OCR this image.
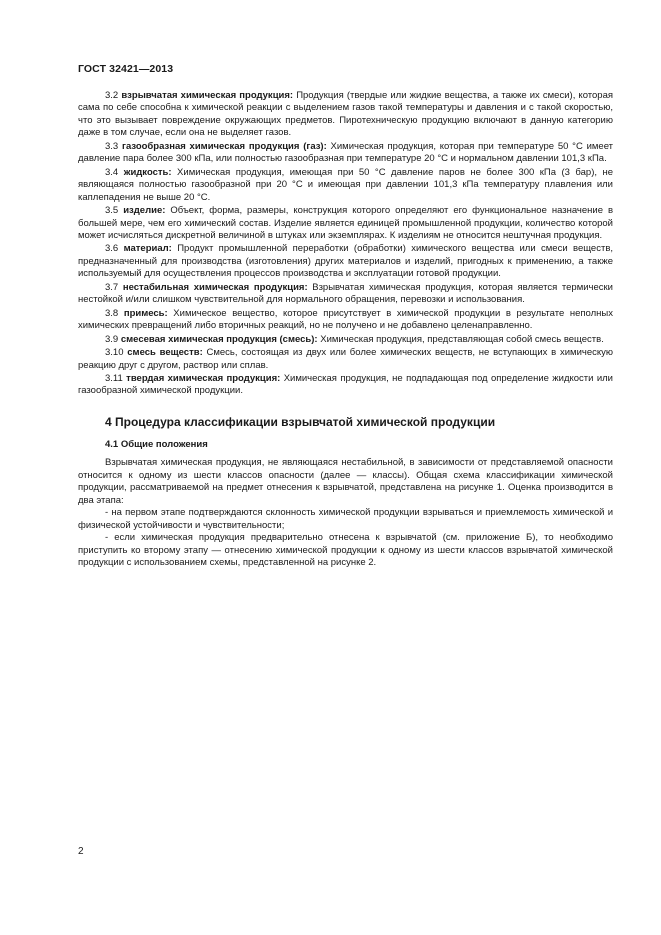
ГОСТ 32421—2013

3.2 взрывчатая химическая продукция: Продукция (твердые или жидкие вещества, а также их смеси), которая сама по себе способна к химической реакции с выделением газов такой температуры и давления и с такой скоростью, что это вызывает повреждение окружающих предметов. Пиротехническую продукцию включают в данную категорию даже в том случае, если она не выделяет газов.

3.3 газообразная химическая продукция (газ): Химическая продукция, которая при температуре 50 °С имеет давление пара более 300 кПа, или полностью газообразная при температуре 20 °С и нормальном давлении 101,3 кПа.

3.4 жидкость: Химическая продукция, имеющая при 50 °С давление паров не более 300 кПа (3 бар), не являющаяся полностью газообразной при 20 °С и имеющая при давлении 101,3 кПа температуру плавления или каплепадения не выше 20 °С.

3.5 изделие: Объект, форма, размеры, конструкция которого определяют его функциональное назначение в большей мере, чем его химический состав. Изделие является единицей промышленной продукции, количество которой может исчисляться дискретной величиной в штуках или экземплярах. К изделиям не относится нештучная продукция.

3.6 материал: Продукт промышленной переработки (обработки) химического вещества или смеси веществ, предназначенный для производства (изготовления) других материалов и изделий, пригодных к применению, а также используемый для осуществления процессов производства и эксплуатации готовой продукции.

3.7 нестабильная химическая продукция: Взрывчатая химическая продукция, которая является термически нестойкой и/или слишком чувствительной для нормального обращения, перевозки и использования.

3.8 примесь: Химическое вещество, которое присутствует в химической продукции в результате неполных химических превращений либо вторичных реакций, но не получено и не добавлено целенаправленно.

3.9 смесевая химическая продукция (смесь): Химическая продукция, представляющая собой смесь веществ.

3.10 смесь веществ: Смесь, состоящая из двух или более химических веществ, не вступающих в химическую реакцию друг с другом, раствор или сплав.

3.11 твердая химическая продукция: Химическая продукция, не подпадающая под определение жидкости или газообразной химической продукции.

4 Процедура классификации взрывчатой химической продукции

4.1 Общие положения

Взрывчатая химическая продукция, не являющаяся нестабильной, в зависимости от представляемой опасности относится к одному из шести классов опасности (далее — классы). Общая схема классификации химической продукции, рассматриваемой на предмет отнесения к взрывчатой, представлена на рисунке 1. Оценка производится в два этапа:

- на первом этапе подтверждаются склонность химической продукции взрываться и приемлемость химической и физической устойчивости и чувствительности;

- если химическая продукция предварительно отнесена к взрывчатой (см. приложение Б), то необходимо приступить ко второму этапу — отнесению химической продукции к одному из шести классов взрывчатой химической продукции с использованием схемы, представленной на рисунке 2.

2
